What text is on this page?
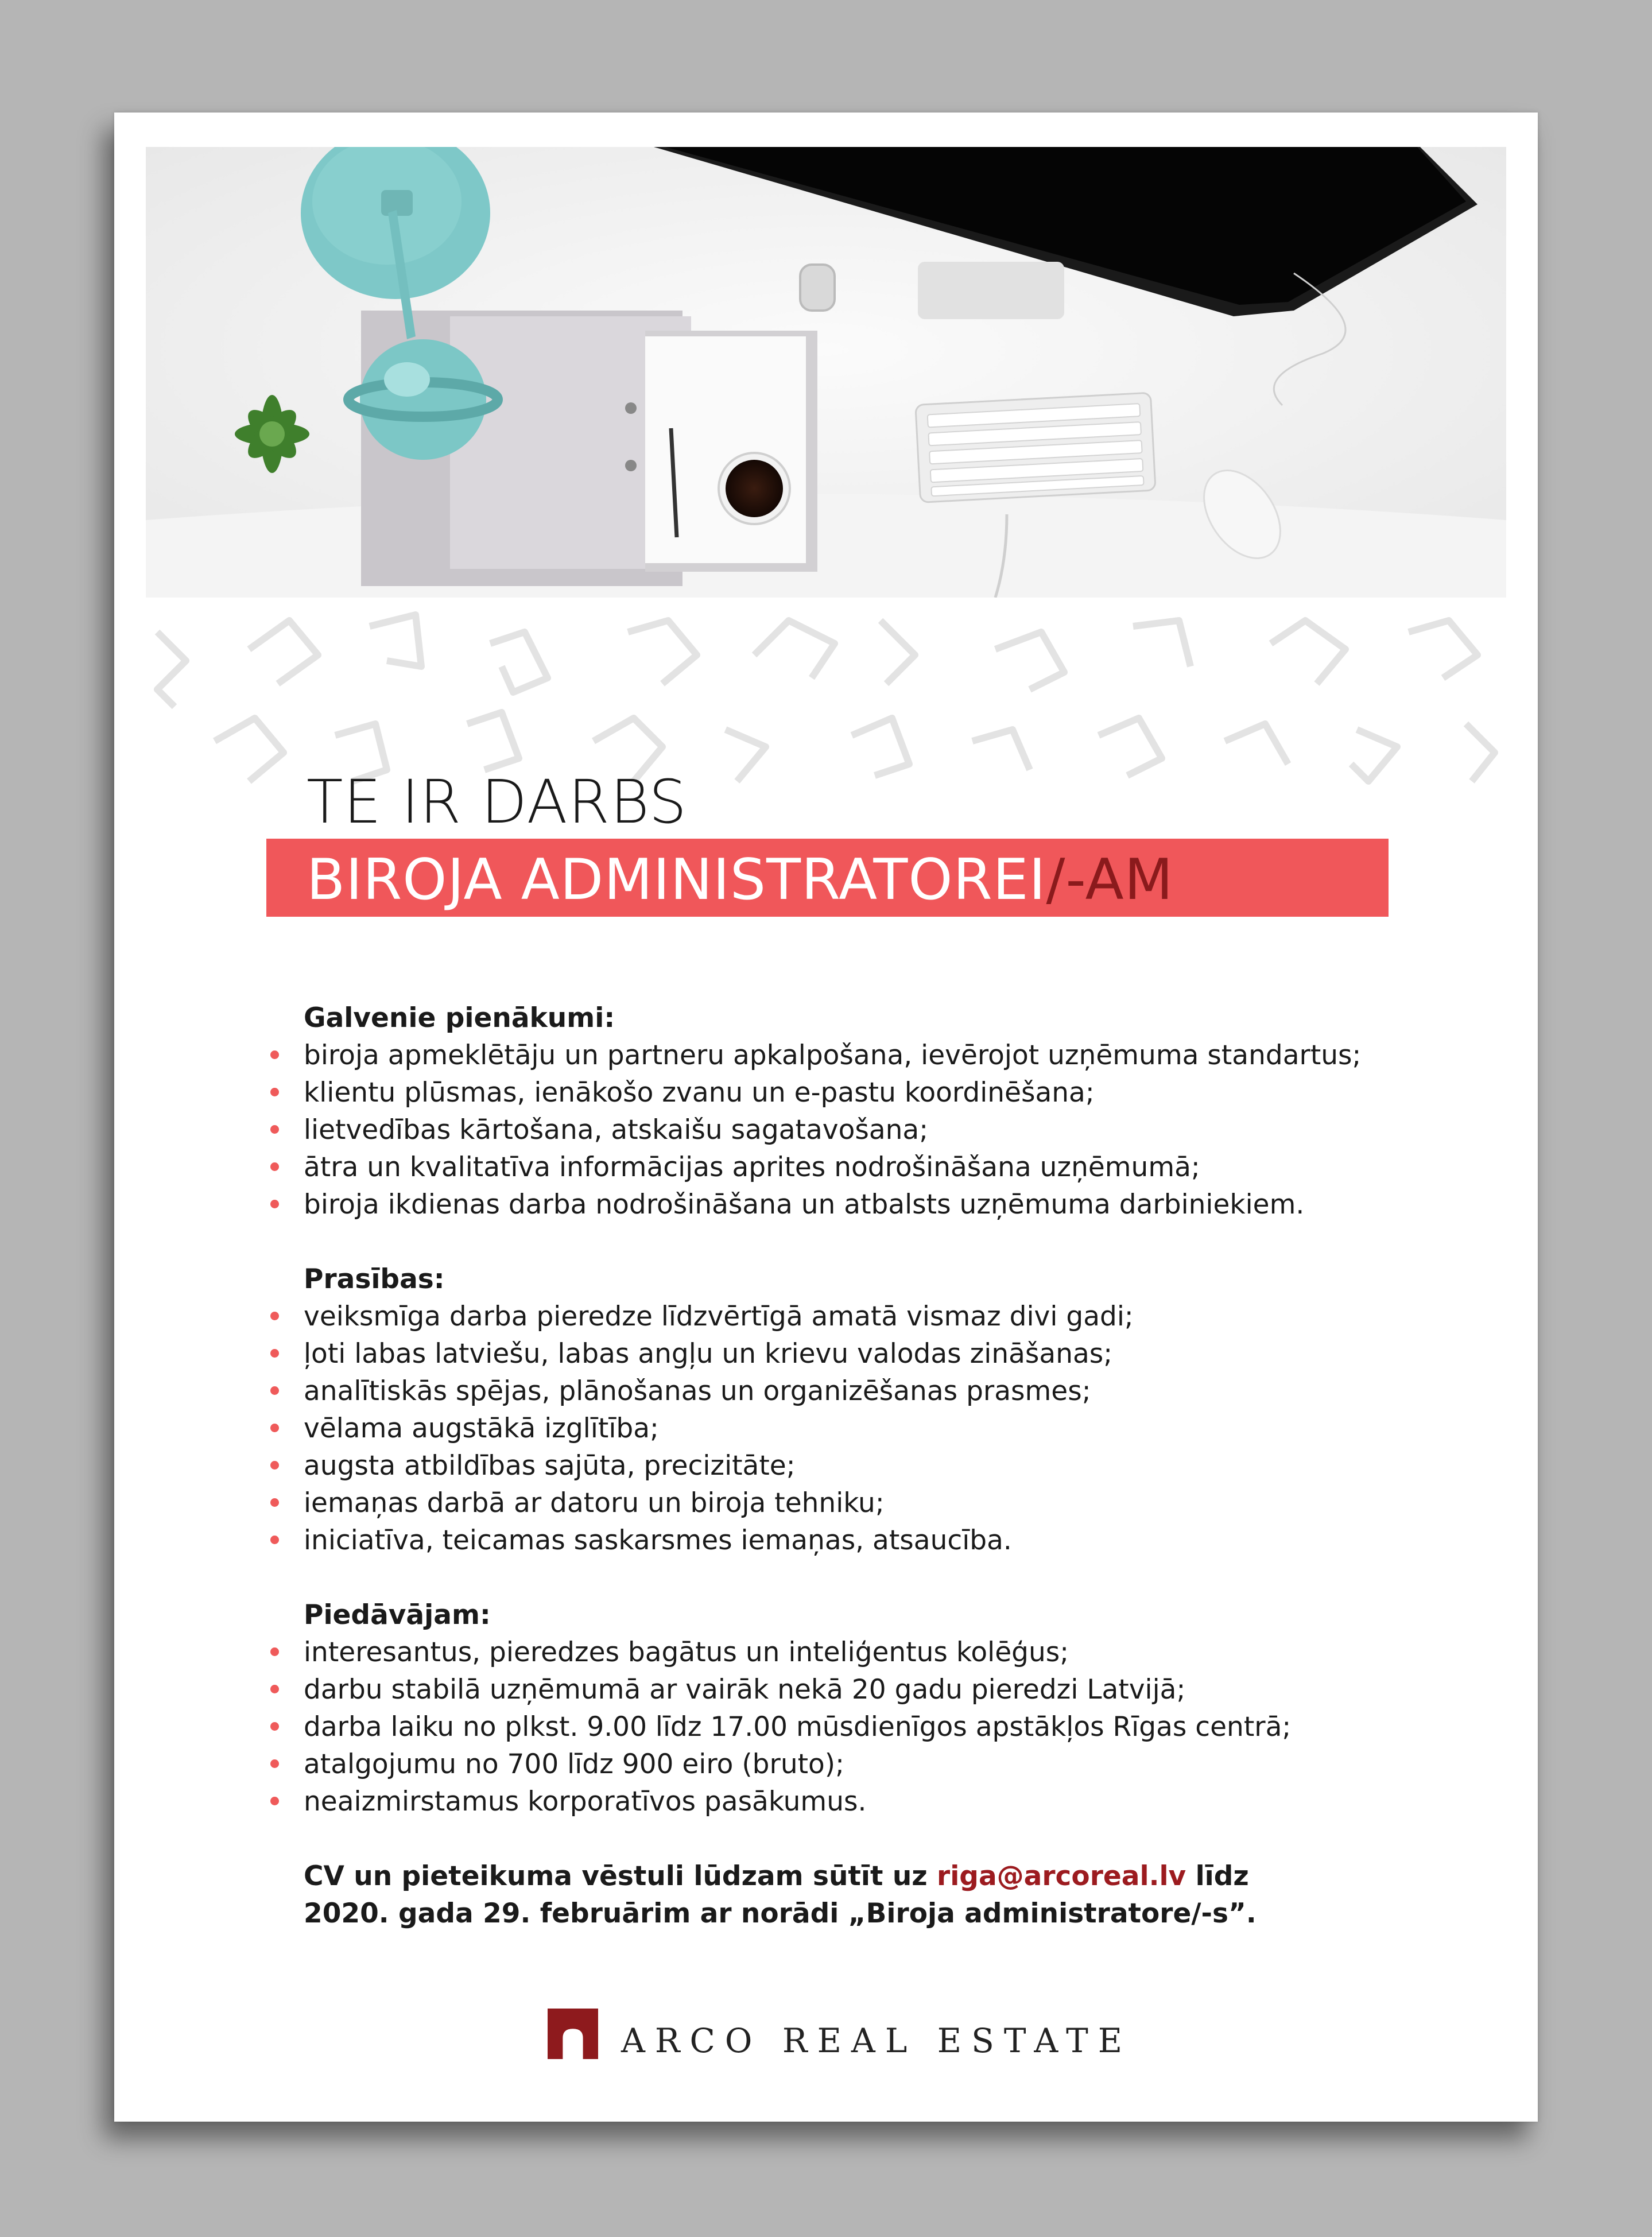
TE IR DARBS
BIROJA ADMINISTRATOREI/-AM

Galvenie pienākumi:

biroja apmeklētāju un partneru apkalpošana, ievērojot uzņēmuma standartus;
klientu plūsmas, ienākošo zvanu un e-pastu koordinēšana;
lietvedības kārtošana, atskaišu sagatavošana;
ātra un kvalitatīva informācijas aprites nodrošināšana uzņēmumā;
biroja ikdienas darba nodrošināšana un atbalsts uzņēmuma darbiniekiem.

Prasības:

veiksmīga darba pieredze līdzvērtīgā amatā vismaz divi gadi;
ļoti labas latviešu, labas angļu un krievu valodas zināšanas;
analītiskās spējas, plānošanas un organizēšanas prasmes;
vēlama augstākā izglītība;
augsta atbildības sajūta, precizitāte;
iemaņas darbā ar datoru un biroja tehniku;
iniciatīva, teicamas saskarsmes iemaņas, atsaucība.

Piedāvājam:

interesantus, pieredzes bagātus un inteliģentus kolēģus;
darbu stabilā uzņēmumā ar vairāk nekā 20 gadu pieredzi Latvijā;
darba laiku no plkst. 9.00 līdz 17.00 mūsdienīgos apstākļos Rīgas centrā;
atalgojumu no 700 līdz 900 eiro (bruto);
neaizmirstamus korporatīvos pasākumus.

CV un pieteikuma vēstuli lūdzam sūtīt uz riga@arcoreal.lv līdz

2020. gada 29. februārim ar norādi „Biroja administratore/-s”.

ARCO REAL ESTATE
